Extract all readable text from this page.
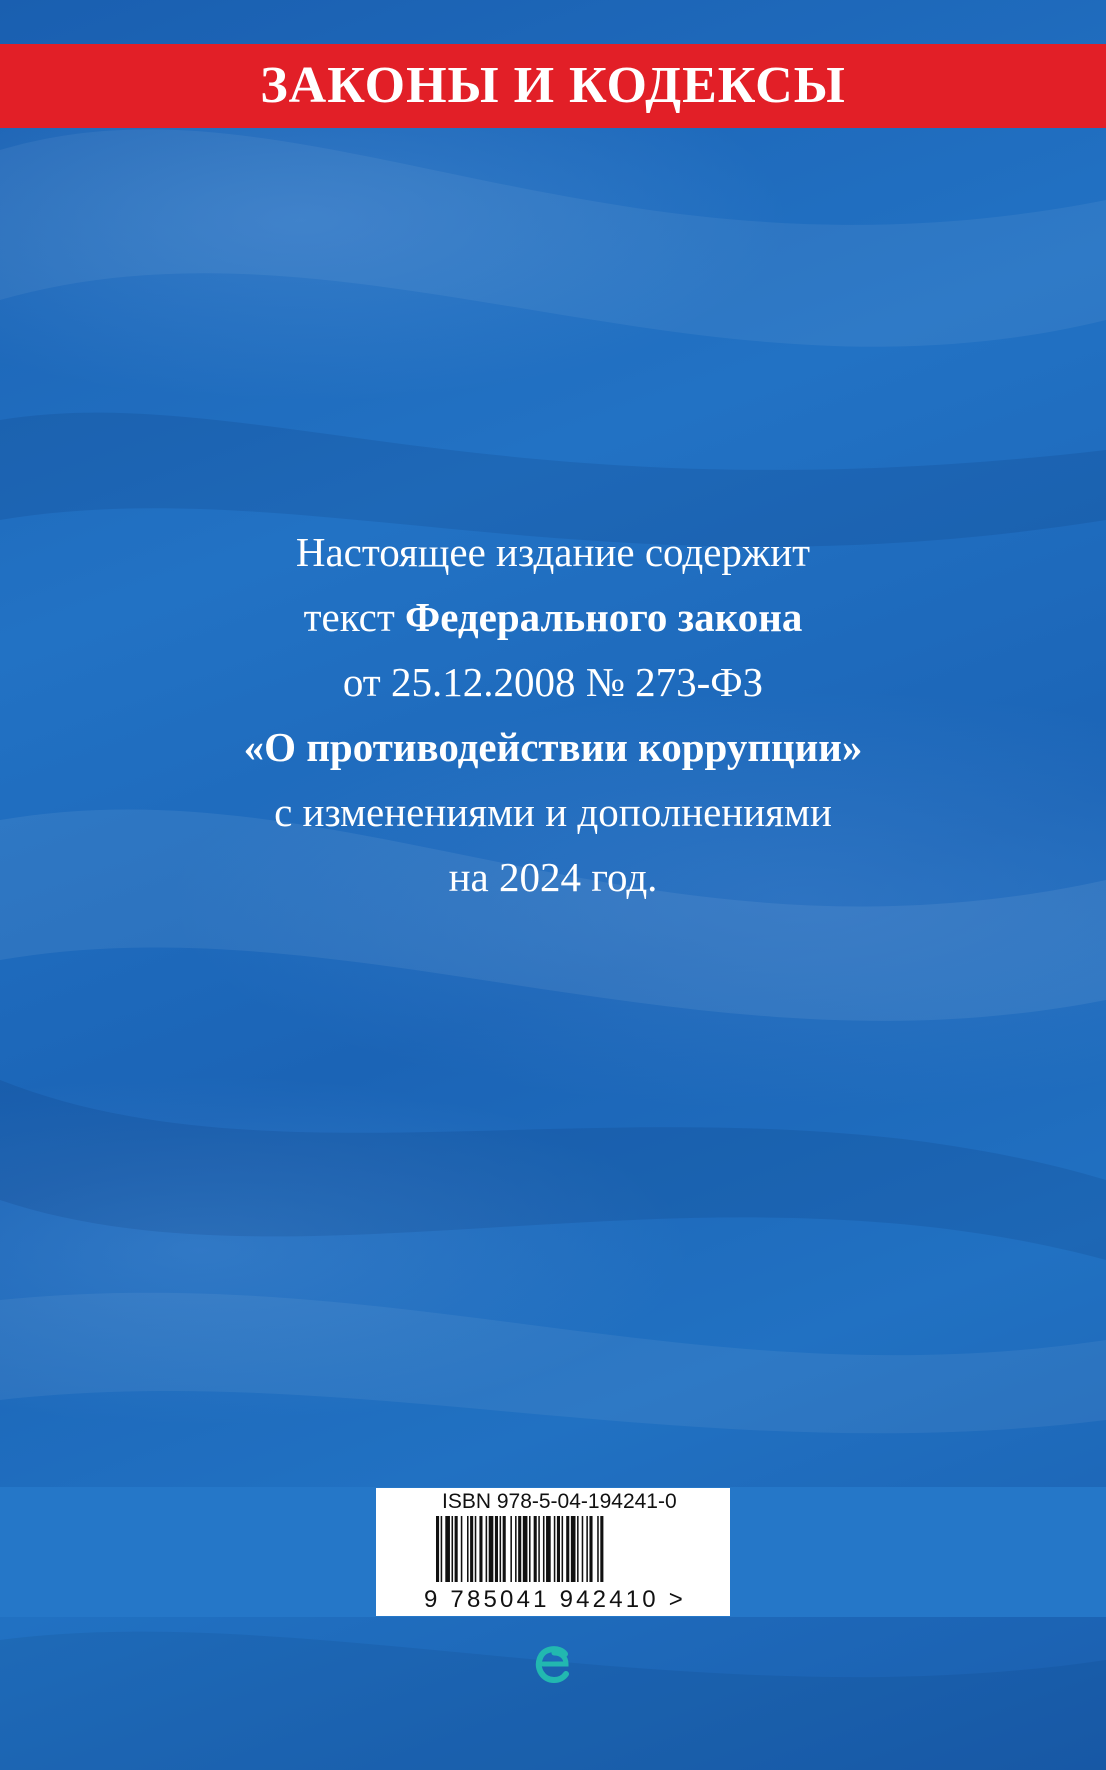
ЗАКОНЫ И КОДЕКСЫ
Настоящее издание содержит
текст Федерального закона
от 25.12.2008 № 273-ФЗ
«О противодействии коррупции»
с изменениями и дополнениями
на 2024 год.
ISBN 978-5-04-194241-0
9 785041 942410 >
